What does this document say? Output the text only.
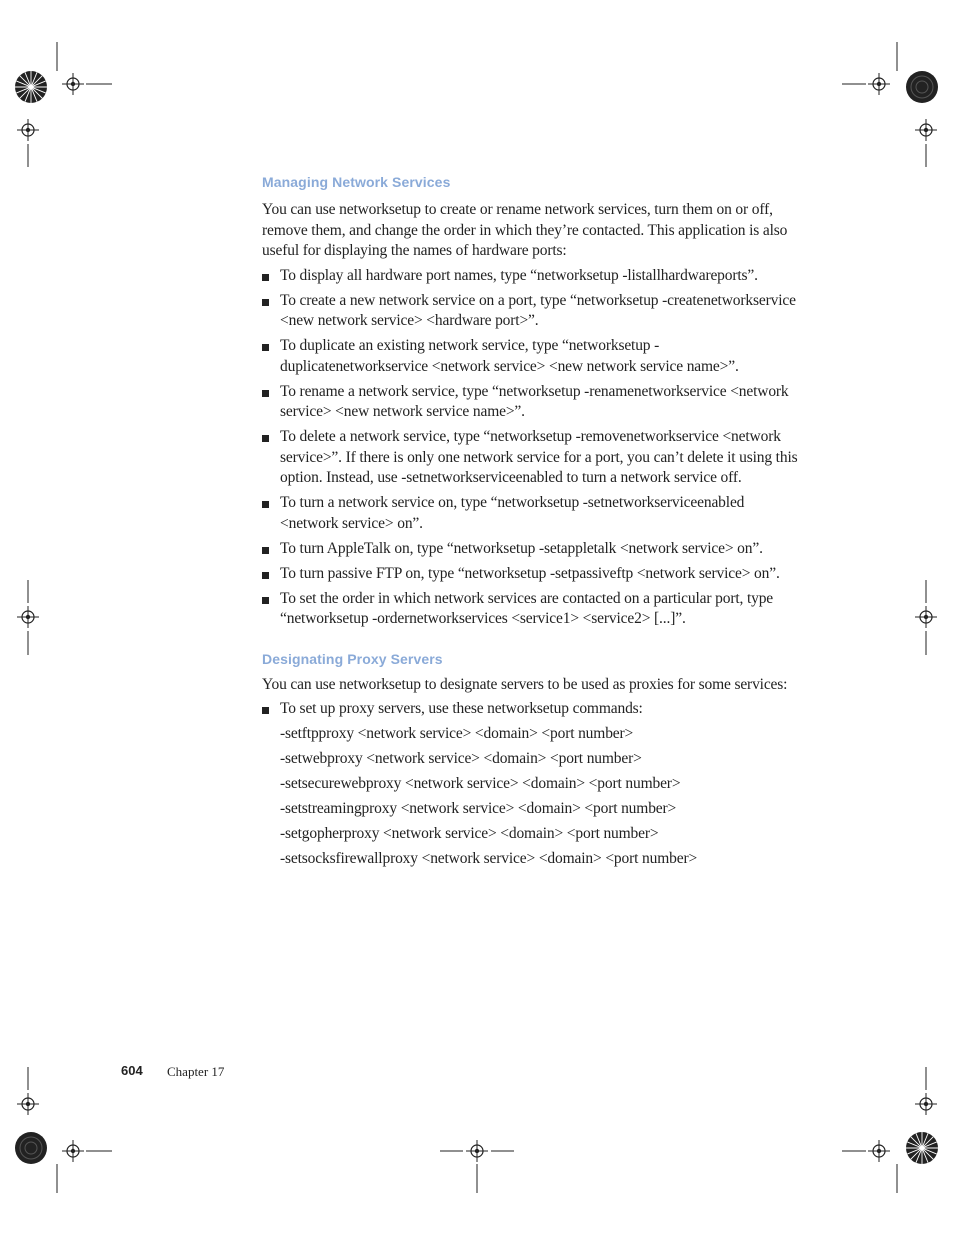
Managing Network Services

You can use networksetup to create or rename network services, turn them on or off, remove them, and change the order in which they’re contacted. This application is also useful for displaying the names of hardware ports:

To display all hardware port names, type “networksetup -listallhardwareports”.
To create a new network service on a port, type “networksetup -createnetworkservice <new network service> <hardware port>”.
To duplicate an existing network service, type “networksetup -duplicatenetworkservice <network service> <new network service name>”.
To rename a network service, type “networksetup -renamenetworkservice <network service> <new network service name>”.
To delete a network service, type “networksetup -removenetworkservice <network service>”. If there is only one network service for a port, you can’t delete it using this option. Instead, use -setnetworkserviceenabled to turn a network service off.
To turn a network service on, type “networksetup -setnetworkserviceenabled <network service> on”.
To turn AppleTalk on, type “networksetup -setappletalk <network service> on”.
To turn passive FTP on, type “networksetup -setpassiveftp <network service> on”.
To set the order in which network services are contacted on a particular port, type “networksetup -ordernetworkservices <service1> <service2> [...]”.
Designating Proxy Servers

You can use networksetup to designate servers to be used as proxies for some services:

To set up proxy servers, use these networksetup commands:
-setftpproxy <network service> <domain> <port number>
-setwebproxy <network service> <domain> <port number>
-setsecurewebproxy <network service> <domain> <port number>
-setstreamingproxy <network service> <domain> <port number>
-setgopherproxy <network service> <domain> <port number>
-setsocksfirewallproxy <network service> <domain> <port number>
604 Chapter 17
